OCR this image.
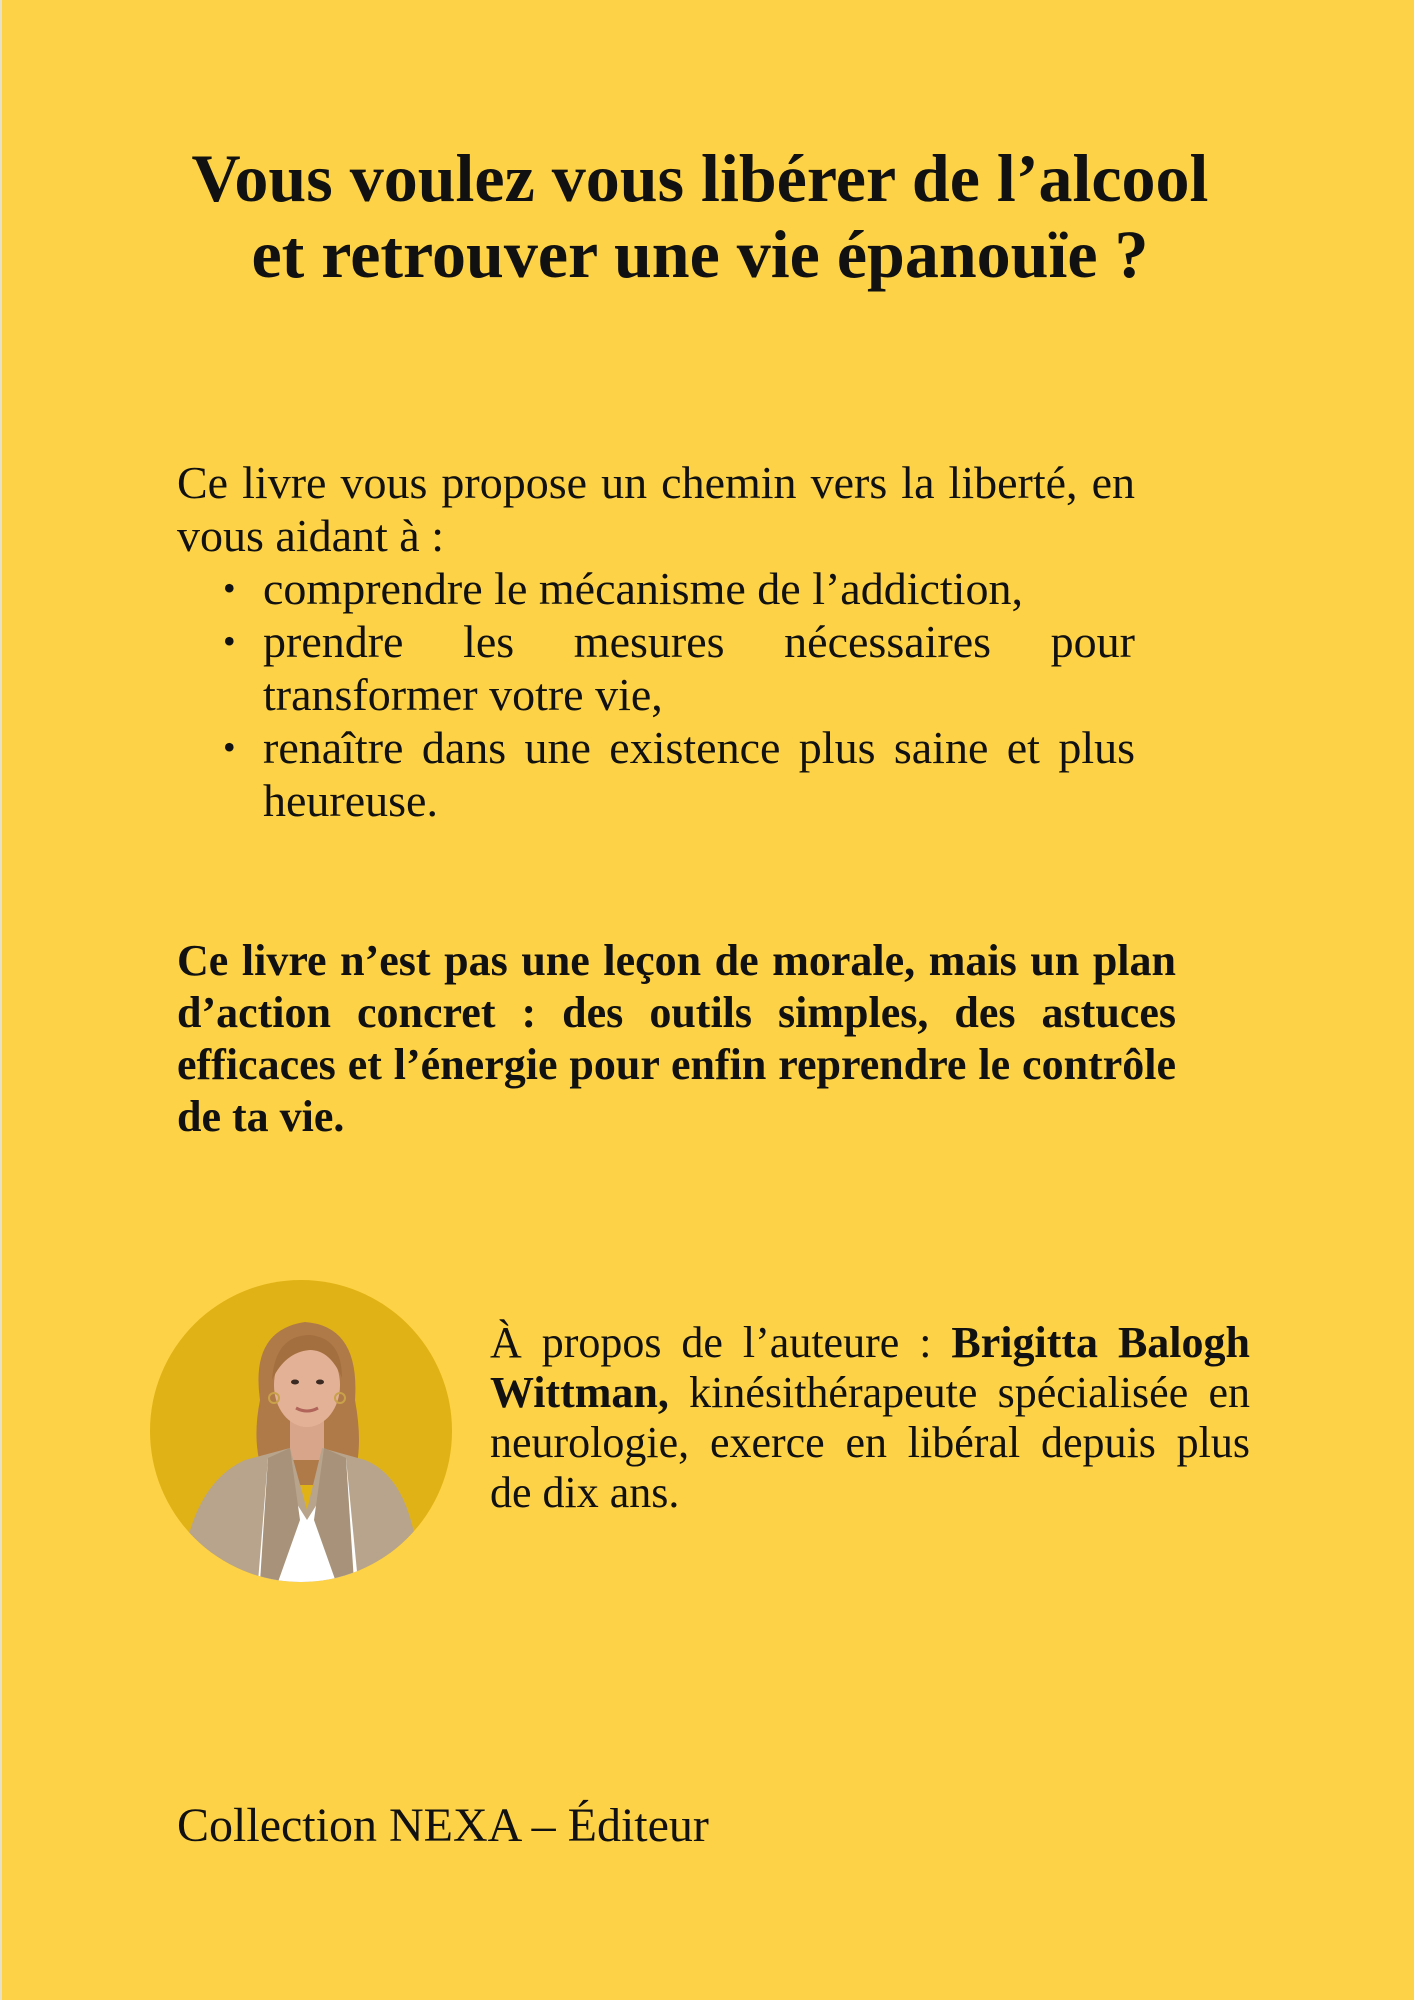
Vous voulez vous libérer de l’alcool
et retrouver une vie épanouïe ?

Ce livre vous propose un chemin vers la liberté, en vous aidant à :

• comprendre le mécanisme de l’addiction,
• prendre les mesures nécessaires pour transformer votre vie,
• renaître dans une existence plus saine et plus heureuse.

Ce livre n’est pas une leçon de morale, mais un plan d’action concret : des outils simples, des astuces efficaces et l’énergie pour enfin reprendre le contrôle de ta vie.

À propos de l’auteure : Brigitta Balogh Wittman, kinésithérapeute spécialisée en neurologie, exerce en libéral depuis plus de dix ans.

Collection NEXA – Éditeur
